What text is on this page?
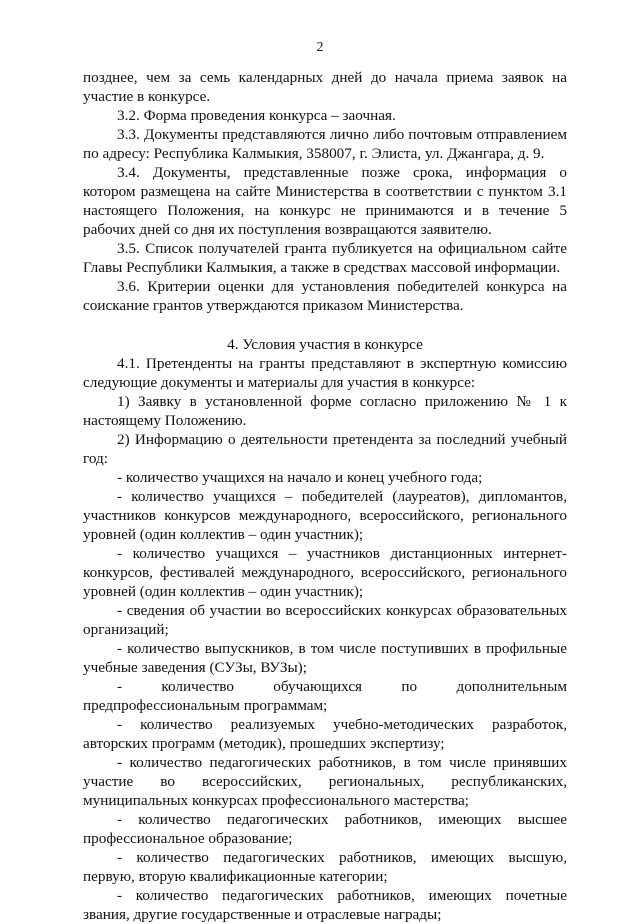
2

позднее, чем за семь календарных дней до начала приема заявок на участие в конкурсе.

3.2. Форма проведения конкурса – заочная.

3.3. Документы представляются лично либо почтовым отправлением по адресу: Республика Калмыкия, 358007, г. Элиста, ул. Джангара, д. 9.

3.4. Документы, представленные позже срока, информация о котором размещена на сайте Министерства в соответствии с пунктом 3.1 настоящего Положения, на конкурс не принимаются и в течение 5 рабочих дней со дня их поступления возвращаются заявителю.

3.5. Список получателей гранта публикуется на официальном сайте Главы Республики Калмыкия, а также в средствах массовой информации.

3.6. Критерии оценки для установления победителей конкурса на соискание грантов утверждаются приказом Министерства.

4. Условия участия в конкурсе

4.1. Претенденты на гранты представляют в экспертную комиссию следующие документы и материалы для участия в конкурсе:

1) Заявку в установленной форме согласно приложению № 1 к настоящему Положению.

2) Информацию о деятельности претендента за последний учебный год:

- количество учащихся на начало и конец учебного года;

- количество учащихся – победителей (лауреатов), дипломантов, участников конкурсов международного, всероссийского, регионального уровней (один коллектив – один участник);

- количество учащихся – участников дистанционных интернет-конкурсов, фестивалей международного, всероссийского, регионального уровней (один коллектив – один участник);

- сведения об участии во всероссийских конкурсах образовательных организаций;

- количество выпускников, в том числе поступивших в профильные учебные заведения (СУЗы, ВУЗы);

- количество обучающихся по дополнительным предпрофессиональным программам;

- количество реализуемых учебно-методических разработок, авторских программ (методик), прошедших экспертизу;

- количество педагогических работников, в том числе принявших участие во всероссийских, региональных, республиканских, муниципальных конкурсах профессионального мастерства;

- количество педагогических работников, имеющих высшее профессиональное образование;

- количество педагогических работников, имеющих высшую, первую, вторую квалификационные категории;

- количество педагогических работников, имеющих почетные звания, другие государственные и отраслевые награды;
